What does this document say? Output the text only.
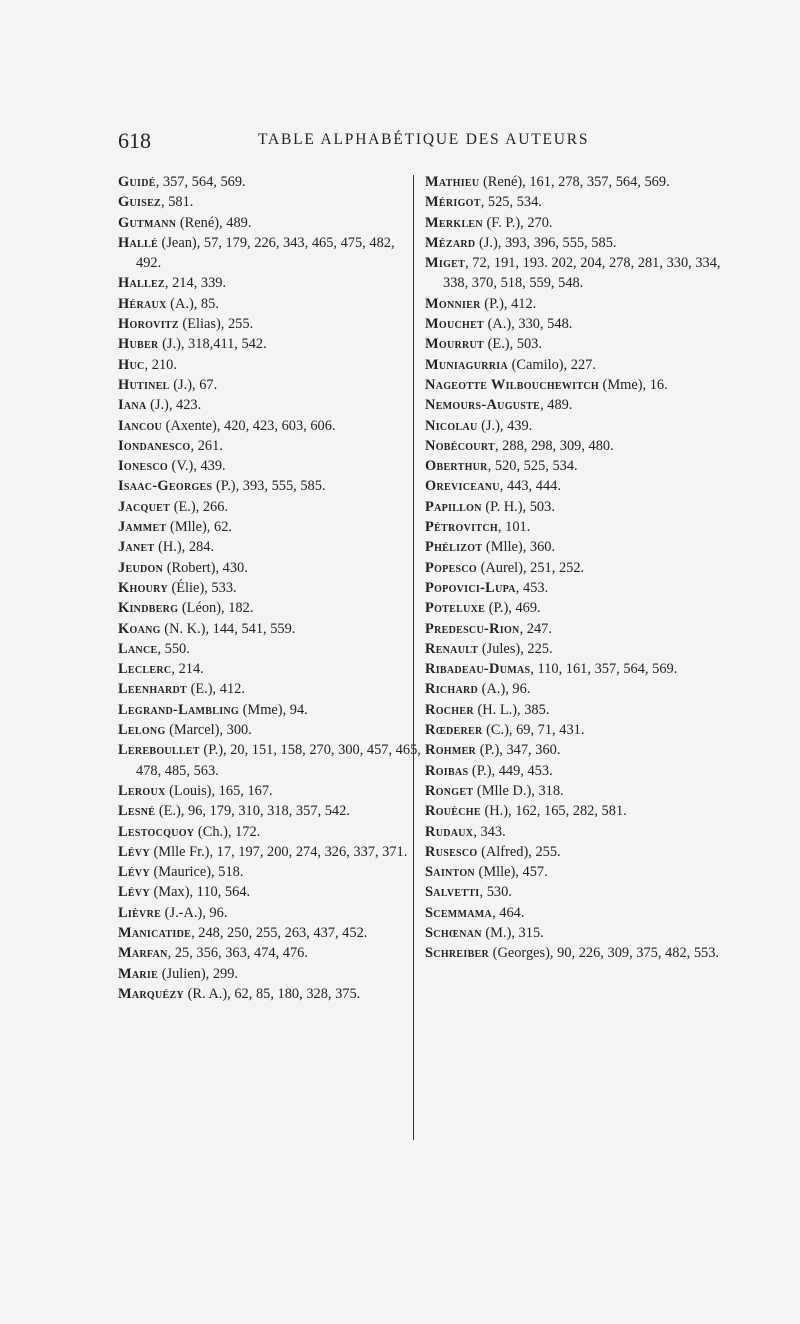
618	TABLE ALPHABÉTIQUE DES AUTEURS

Guidé, 357, 564, 569.

Guisez, 581.

Gutmann (René), 489.

Hallé (Jean), 57, 179, 226, 343, 465, 475, 482, 492.

Hallez, 214, 339.

Héraux (A.), 85.

Horovitz (Elias), 255.

Huber (J.), 318,411, 542.

Huc, 210.

Hutinel (J.), 67.

Iana (J.), 423.

Iancou (Axente), 420, 423, 603, 606.

Iondanesco, 261.

Ionesco (V.), 439.

Isaac-Georges (P.), 393, 555, 585.

Jacquet (E.), 266.

Jammet (Mlle), 62.

Janet (H.), 284.

Jeudon (Robert), 430.

Khoury (Élie), 533.

Kindberg (Léon), 182.

Koang (N. K.), 144, 541, 559.

Lance, 550.

Leclerc, 214.

Leenhardt (E.), 412.

Legrand-Lambling (Mme), 94.

Lelong (Marcel), 300.

Lereboullet (P.), 20, 151, 158, 270, 300, 457, 465, 478, 485, 563.

Leroux (Louis), 165, 167.

Lesné (E.), 96, 179, 310, 318, 357, 542.

Lestocquoy (Ch.), 172.

Lévy (Mlle Fr.), 17, 197, 200, 274, 326, 337, 371.

Lévy (Maurice), 518.

Lévy (Max), 110, 564.

Lièvre (J.-A.), 96.

Manicatide, 248, 250, 255, 263, 437, 452.

Marfan, 25, 356, 363, 474, 476.

Marie (Julien), 299.

Marquézy (R. A.), 62, 85, 180, 328, 375.

Mathieu (René), 161, 278, 357, 564, 569.

Mérigot, 525, 534.

Merklen (F. P.), 270.

Mézard (J.), 393, 396, 555, 585.

Miget, 72, 191, 193. 202, 204, 278, 281, 330, 334, 338, 370, 518, 559, 548.

Monnier (P.), 412.

Mouchet (A.), 330, 548.

Mourrut (E.), 503.

Muniagurria (Camilo), 227.

Nageotte Wilbouchewitch (Mme), 16.

Nemours-Auguste, 489.

Nicolau (J.), 439.

Nobécourt, 288, 298, 309, 480.

Oberthur, 520, 525, 534.

Oreviceanu, 443, 444.

Papillon (P. H.), 503.

Pétrovitch, 101.

Phélizot (Mlle), 360.

Popesco (Aurel), 251, 252.

Popovici-Lupa, 453.

Poteluxe (P.), 469.

Predescu-Rion, 247.

Renault (Jules), 225.

Ribadeau-Dumas, 110, 161, 357, 564, 569.

Richard (A.), 96.

Rocher (H. L.), 385.

Rœderer (C.), 69, 71, 431.

Rohmer (P.), 347, 360.

Roibas (P.), 449, 453.

Ronget (Mlle D.), 318.

Rouèche (H.), 162, 165, 282, 581.

Rudaux, 343.

Rusesco (Alfred), 255.

Sainton (Mlle), 457.

Salvetti, 530.

Scemmama, 464.

Schœnan (M.), 315.

Schreiber (Georges), 90, 226, 309, 375, 482, 553.
